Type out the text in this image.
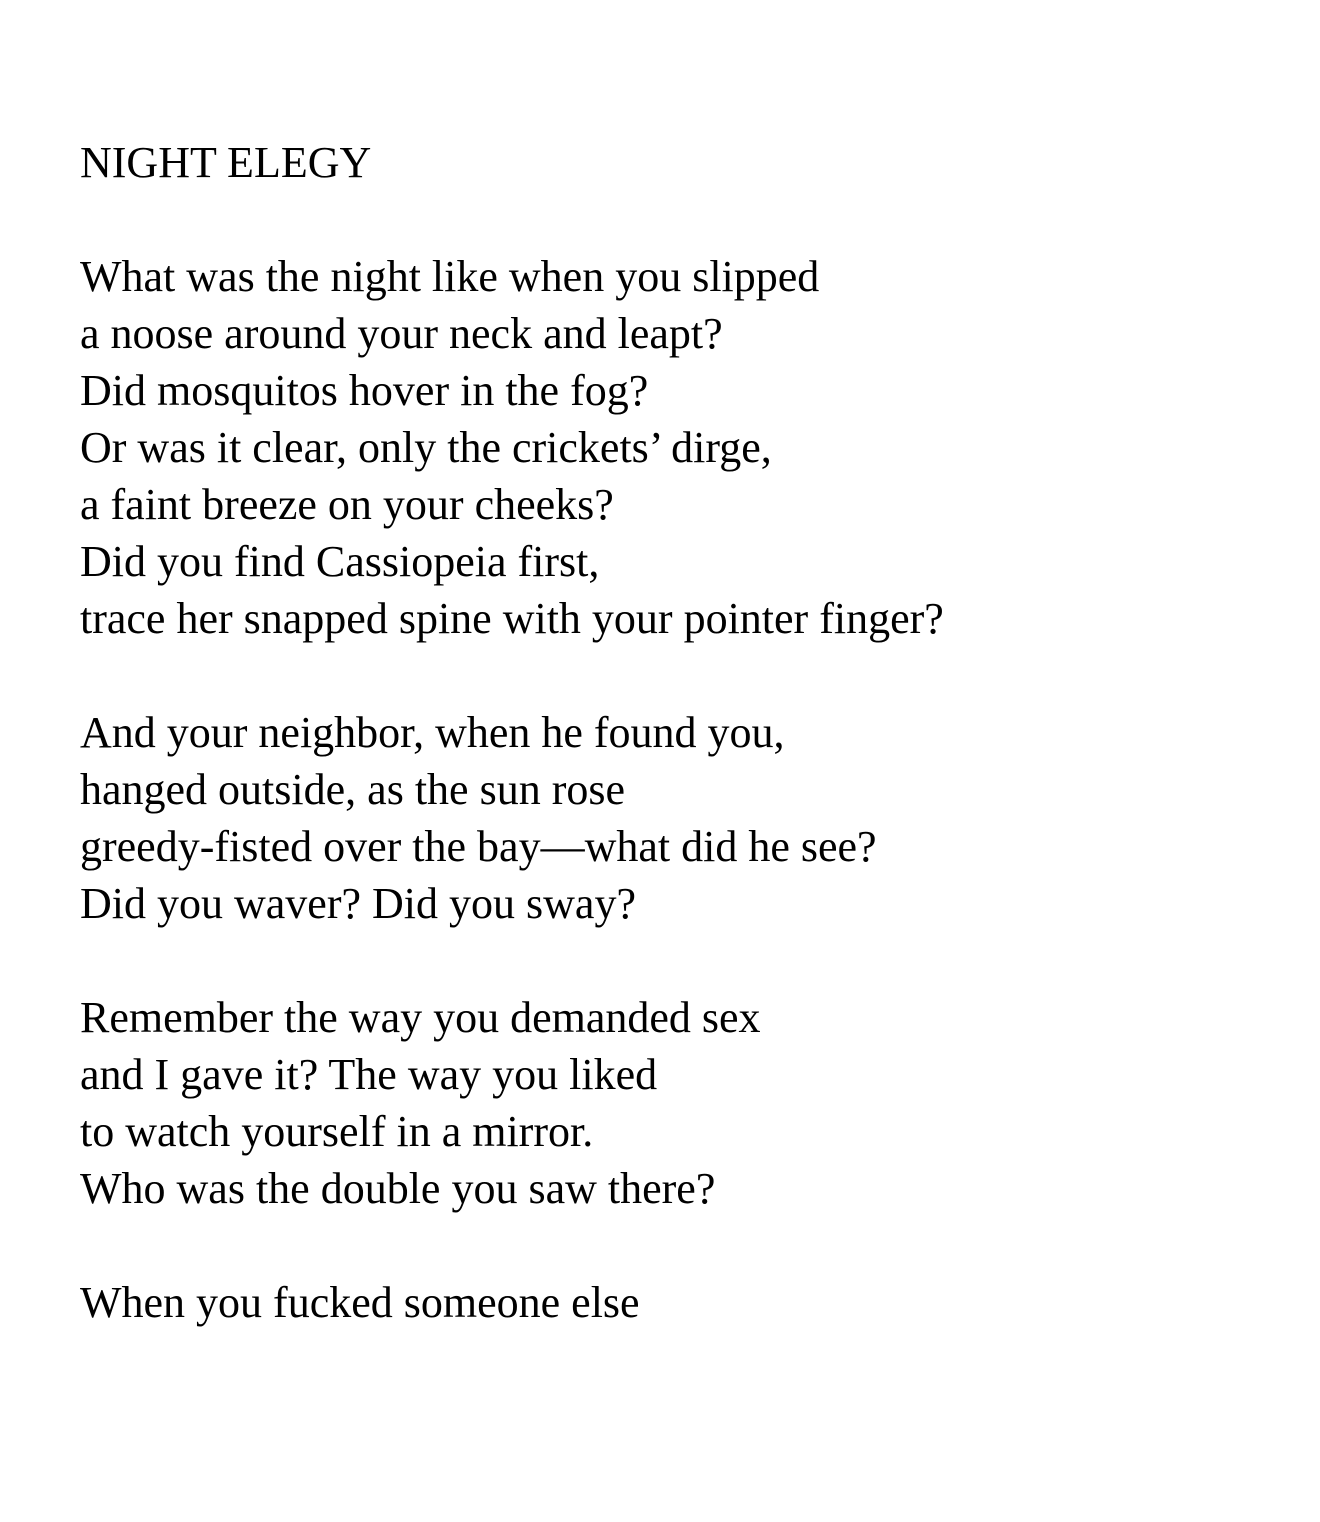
NIGHT ELEGY

What was the night like when you slipped

a noose around your neck and leapt?

Did mosquitos hover in the fog?

Or was it clear, only the crickets’ dirge,

a faint breeze on your cheeks?

Did you find Cassiopeia first,

trace her snapped spine with your pointer finger?

And your neighbor, when he found you,

hanged outside, as the sun rose

greedy-fisted over the bay—what did he see?

Did you waver? Did you sway?

Remember the way you demanded sex

and I gave it? The way you liked

to watch yourself in a mirror.

Who was the double you saw there?

When you fucked someone else
